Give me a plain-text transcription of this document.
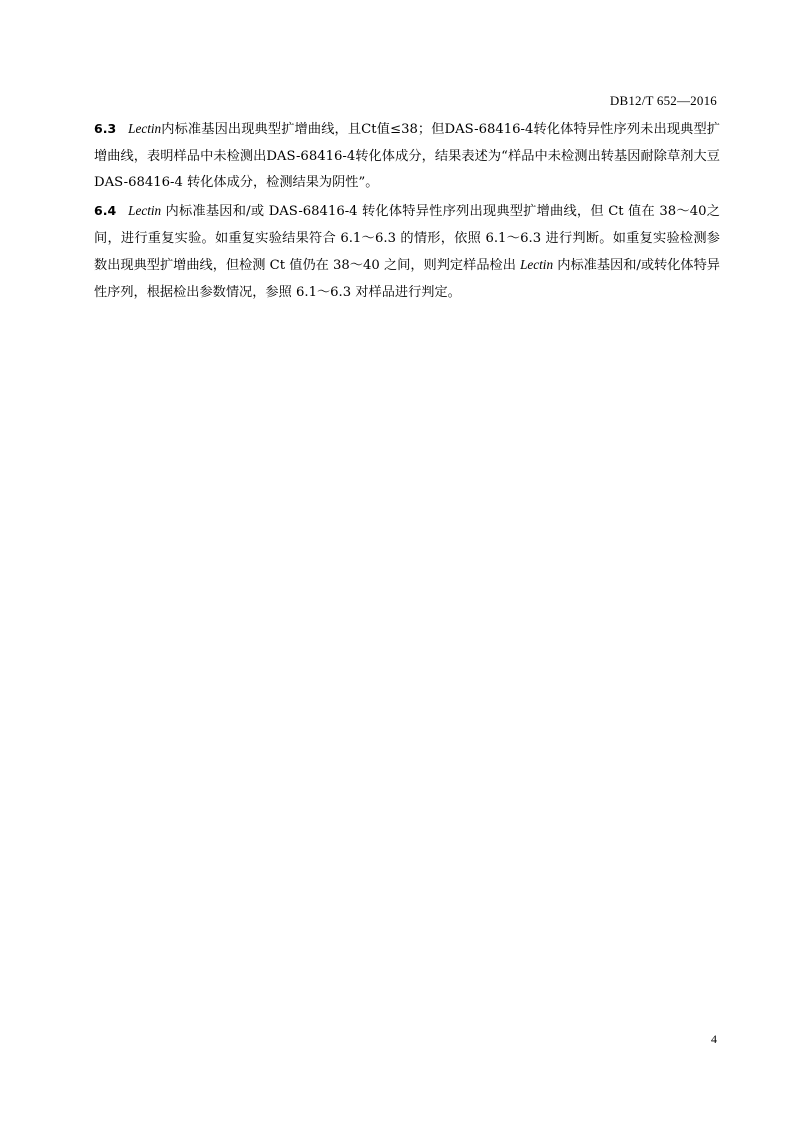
DB12/T 652—2016
6.3 Lectin内标准基因出现典型扩增曲线，且Ct值≤38；但DAS-68416-4转化体特异性序列未出现典型扩增曲线，表明样品中未检测出DAS-68416-4转化体成分，结果表述为“样品中未检测出转基因耐除草剂大豆DAS-68416-4 转化体成分，检测结果为阴性”。
6.4 Lectin 内标准基因和/或 DAS-68416-4 转化体特异性序列出现典型扩增曲线，但 Ct 值在 38～40之间，进行重复实验。如重复实验结果符合 6.1～6.3 的情形，依照 6.1～6.3 进行判断。如重复实验检测参数出现典型扩增曲线，但检测 Ct 值仍在 38～40 之间，则判定样品检出 Lectin 内标准基因和/或转化体特异性序列，根据检出参数情况，参照 6.1～6.3 对样品进行判定。
4
